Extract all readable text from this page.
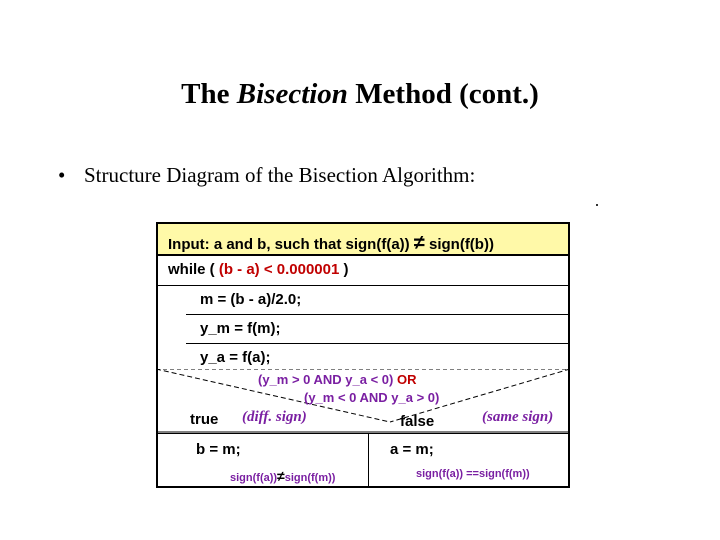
The Bisection Method (cont.)
• Structure Diagram of the Bisection Algorithm:
Input: a and b, such that sign(f(a)) ≠ sign(f(b))
while ( (b - a) < 0.000001 )
m = (b - a)/2.0;
y_m = f(m);
y_a = f(a);
(y_m > 0 AND y_a < 0) OR
(y_m < 0 AND y_a > 0)
true (diff. sign)	false	(same sign)
b = m;	a = m;
sign(f(a))≠sign(f(m))	sign(f(a)) ==sign(f(m))
